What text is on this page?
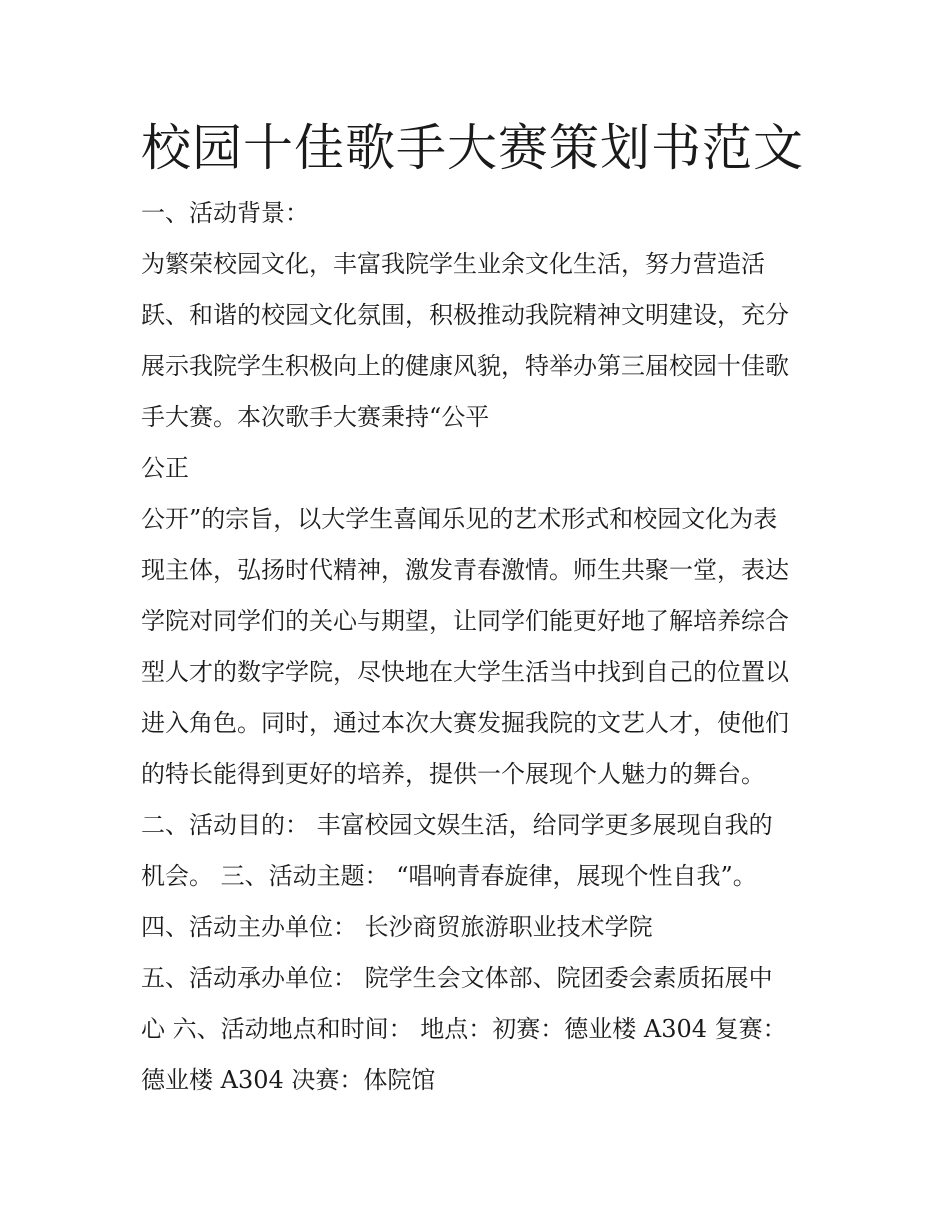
校园十佳歌手大赛策划书范文

一、活动背景：

为繁荣校园文化，丰富我院学生业余文化生活，努力营造活

跃、和谐的校园文化氛围，积极推动我院精神文明建设，充分

展示我院学生积极向上的健康风貌，特举办第三届校园十佳歌

手大赛。本次歌手大赛秉持“公平

公正

公开”的宗旨，以大学生喜闻乐见的艺术形式和校园文化为表

现主体，弘扬时代精神，激发青春激情。师生共聚一堂，表达

学院对同学们的关心与期望，让同学们能更好地了解培养综合

型人才的数字学院，尽快地在大学生活当中找到自己的位置以

进入角色。同时，通过本次大赛发掘我院的文艺人才，使他们

的特长能得到更好的培养，提供一个展现个人魅力的舞台。

二、活动目的： 丰富校园文娱生活，给同学更多展现自我的

机会。 三、活动主题： “唱响青春旋律，展现个性自我”。

四、活动主办单位： 长沙商贸旅游职业技术学院

五、活动承办单位： 院学生会文体部、院团委会素质拓展中

心 六、活动地点和时间： 地点：初赛：德业楼 A304 复赛：

德业楼 A304 决赛：体院馆
